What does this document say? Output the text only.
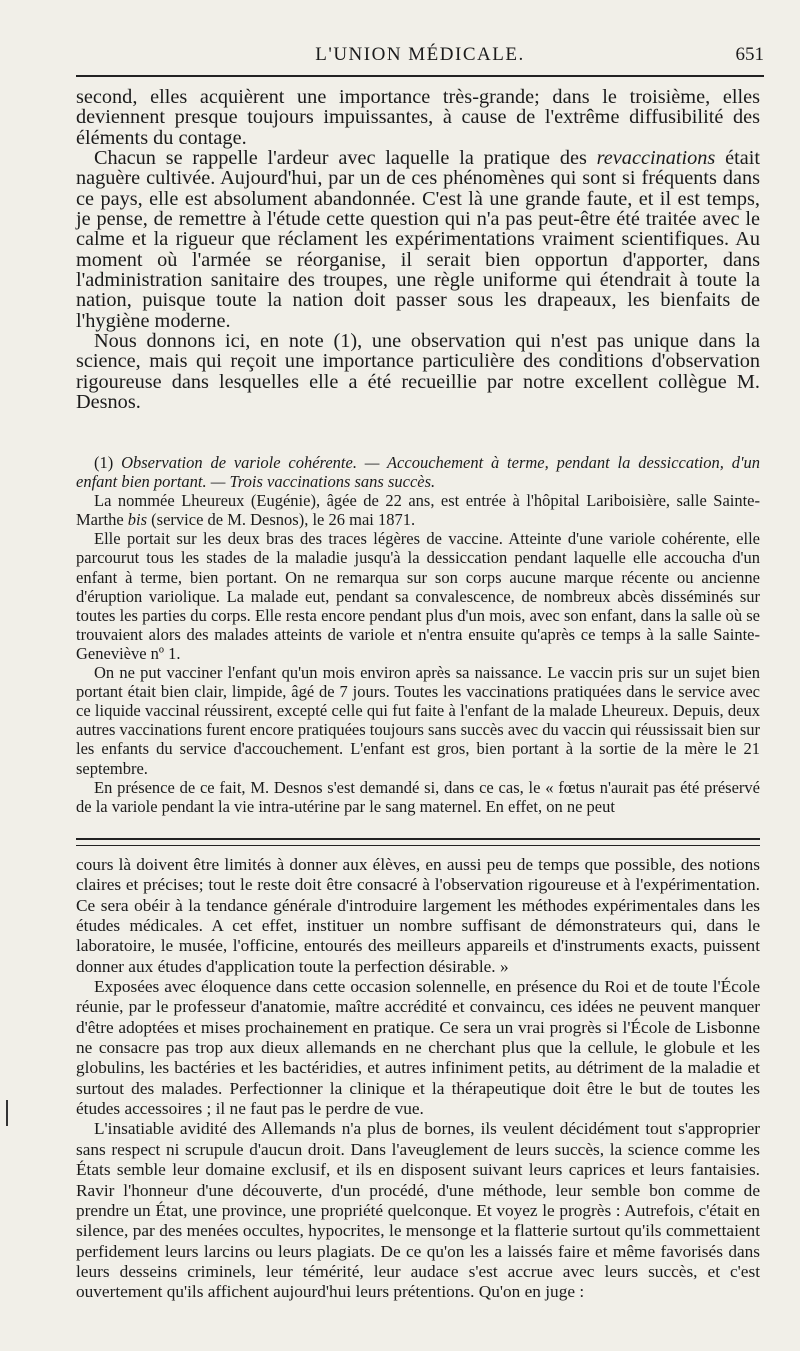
L'UNION MÉDICALE.	651

second, elles acquièrent une importance très-grande; dans le troisième, elles deviennent presque toujours impuissantes, à cause de l'extrême diffusibilité des éléments du contage.

Chacun se rappelle l'ardeur avec laquelle la pratique des revaccinations était naguère cultivée. Aujourd'hui, par un de ces phénomènes qui sont si fréquents dans ce pays, elle est absolument abandonnée. C'est là une grande faute, et il est temps, je pense, de remettre à l'étude cette question qui n'a pas peut-être été traitée avec le calme et la rigueur que réclament les expérimentations vraiment scientifiques. Au moment où l'armée se réorganise, il serait bien opportun d'apporter, dans l'administration sanitaire des troupes, une règle uniforme qui étendrait à toute la nation, puisque toute la nation doit passer sous les drapeaux, les bienfaits de l'hygiène moderne.

Nous donnons ici, en note (1), une observation qui n'est pas unique dans la science, mais qui reçoit une importance particulière des conditions d'observation rigoureuse dans lesquelles elle a été recueillie par notre excellent collègue M. Desnos.

(1) Observation de variole cohérente. — Accouchement à terme, pendant la dessiccation, d'un enfant bien portant. — Trois vaccinations sans succès.

La nommée Lheureux (Eugénie), âgée de 22 ans, est entrée à l'hôpital Lariboisière, salle Sainte-Marthe bis (service de M. Desnos), le 26 mai 1871.

Elle portait sur les deux bras des traces légères de vaccine. Atteinte d'une variole cohérente, elle parcourut tous les stades de la maladie jusqu'à la dessiccation pendant laquelle elle accoucha d'un enfant à terme, bien portant. On ne remarqua sur son corps aucune marque récente ou ancienne d'éruption variolique. La malade eut, pendant sa convalescence, de nombreux abcès disséminés sur toutes les parties du corps. Elle resta encore pendant plus d'un mois, avec son enfant, dans la salle où se trouvaient alors des malades atteints de variole et n'entra ensuite qu'après ce temps à la salle Sainte-Geneviève nº 1.

On ne put vacciner l'enfant qu'un mois environ après sa naissance. Le vaccin pris sur un sujet bien portant était bien clair, limpide, âgé de 7 jours. Toutes les vaccinations pratiquées dans le service avec ce liquide vaccinal réussirent, excepté celle qui fut faite à l'enfant de la malade Lheureux. Depuis, deux autres vaccinations furent encore pratiquées toujours sans succès avec du vaccin qui réussissait bien sur les enfants du service d'accouchement. L'enfant est gros, bien portant à la sortie de la mère le 21 septembre.

En présence de ce fait, M. Desnos s'est demandé si, dans ce cas, le « fœtus n'aurait pas été préservé de la variole pendant la vie intra-utérine par le sang maternel. En effet, on ne peut

cours là doivent être limités à donner aux élèves, en aussi peu de temps que possible, des notions claires et précises; tout le reste doit être consacré à l'observation rigoureuse et à l'expérimentation. Ce sera obéir à la tendance générale d'introduire largement les méthodes expérimentales dans les études médicales. A cet effet, instituer un nombre suffisant de démonstrateurs qui, dans le laboratoire, le musée, l'officine, entourés des meilleurs appareils et d'instruments exacts, puissent donner aux études d'application toute la perfection désirable. »

Exposées avec éloquence dans cette occasion solennelle, en présence du Roi et de toute l'École réunie, par le professeur d'anatomie, maître accrédité et convaincu, ces idées ne peuvent manquer d'être adoptées et mises prochainement en pratique. Ce sera un vrai progrès si l'École de Lisbonne ne consacre pas trop aux dieux allemands en ne cherchant plus que la cellule, le globule et les globulins, les bactéries et les bactéridies, et autres infiniment petits, au détriment de la maladie et surtout des malades. Perfectionner la clinique et la thérapeutique doit être le but de toutes les études accessoires ; il ne faut pas le perdre de vue.

L'insatiable avidité des Allemands n'a plus de bornes, ils veulent décidément tout s'approprier sans respect ni scrupule d'aucun droit. Dans l'aveuglement de leurs succès, la science comme les États semble leur domaine exclusif, et ils en disposent suivant leurs caprices et leurs fantaisies. Ravir l'honneur d'une découverte, d'un procédé, d'une méthode, leur semble bon comme de prendre un État, une province, une propriété quelconque. Et voyez le progrès : Autrefois, c'était en silence, par des menées occultes, hypocrites, le mensonge et la flatterie surtout qu'ils commettaient perfidement leurs larcins ou leurs plagiats. De ce qu'on les a laissés faire et même favorisés dans leurs desseins criminels, leur témérité, leur audace s'est accrue avec leurs succès, et c'est ouvertement qu'ils affichent aujourd'hui leurs prétentions. Qu'on en juge :
